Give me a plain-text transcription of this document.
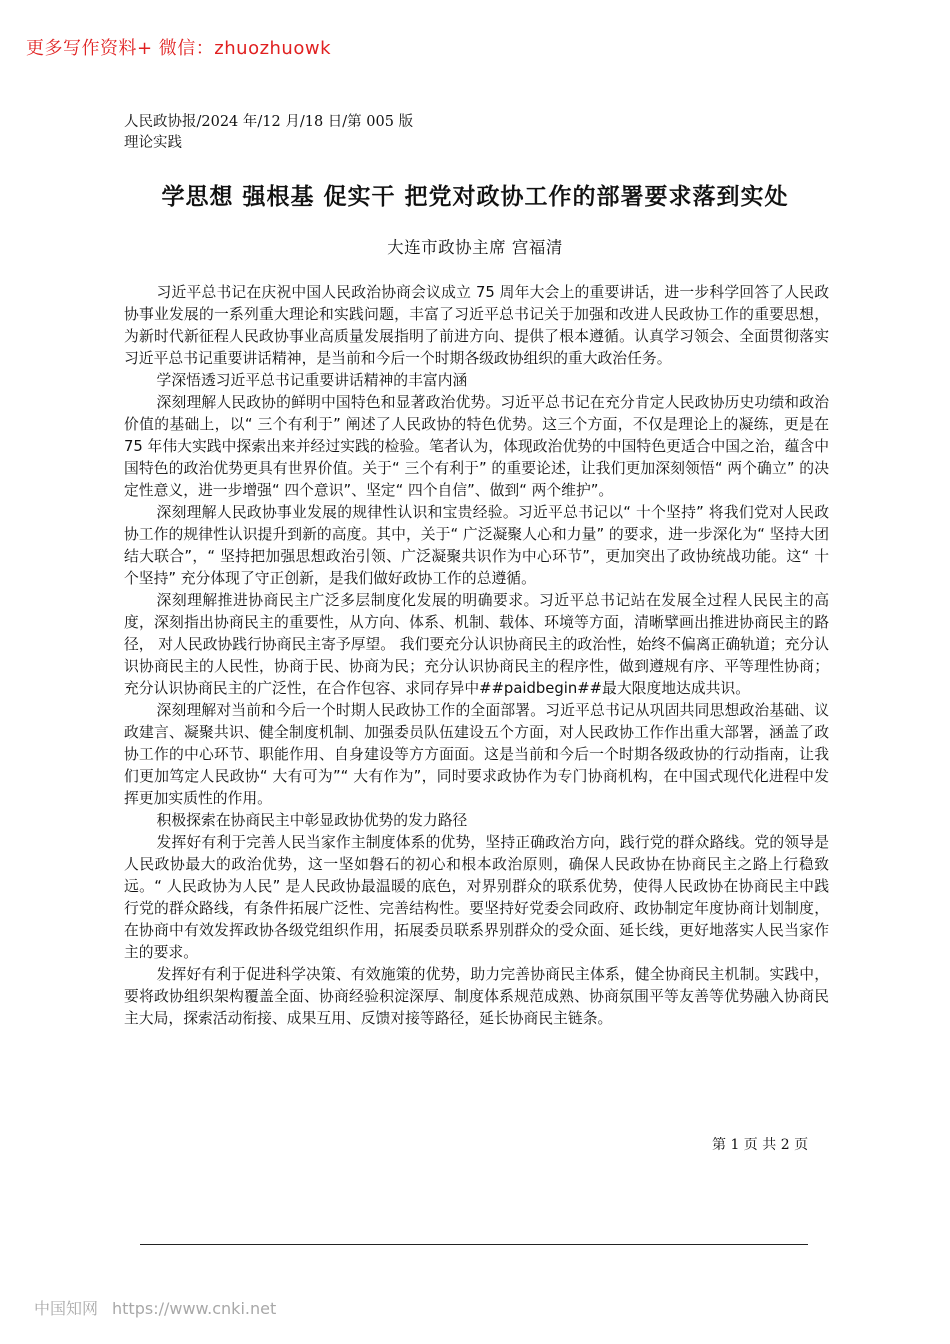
更多写作资料+ 微信：zhuozhuowk
人民政协报/2024 年/12 月/18 日/第 005 版理论实践
学思想 强根基 促实干 把党对政协工作的部署要求落到实处
大连市政协主席 宫福清

习近平总书记在庆祝中国人民政治协商会议成立 75 周年大会上的重要讲话，进一步科学回答了人民政协事业发展的一系列重大理论和实践问题，丰富了习近平总书记关于加强和改进人民政协工作的重要思想，为新时代新征程人民政协事业高质量发展指明了前进方向、提供了根本遵循。认真学习领会、全面贯彻落实习近平总书记重要讲话精神，是当前和今后一个时期各级政协组织的重大政治任务。

学深悟透习近平总书记重要讲话精神的丰富内涵

深刻理解人民政协的鲜明中国特色和显著政治优势。习近平总书记在充分肯定人民政协历史功绩和政治价值的基础上，以“ 三个有利于” 阐述了人民政协的特色优势。这三个方面，不仅是理论上的凝练，更是在 75 年伟大实践中探索出来并经过实践的检验。笔者认为，体现政治优势的中国特色更适合中国之治，蕴含中国特色的政治优势更具有世界价值。关于“ 三个有利于” 的重要论述，让我们更加深刻领悟“ 两个确立” 的决定性意义，进一步增强“ 四个意识”、坚定“ 四个自信”、做到“ 两个维护”。

深刻理解人民政协事业发展的规律性认识和宝贵经验。习近平总书记以“ 十个坚持” 将我们党对人民政协工作的规律性认识提升到新的高度。其中，关于“ 广泛凝聚人心和力量” 的要求，进一步深化为“ 坚持大团结大联合”，“ 坚持把加强思想政治引领、广泛凝聚共识作为中心环节”，更加突出了政协统战功能。这“ 十个坚持” 充分体现了守正创新，是我们做好政协工作的总遵循。

深刻理解推进协商民主广泛多层制度化发展的明确要求。习近平总书记站在发展全过程人民民主的高度，深刻指出协商民主的重要性，从方向、体系、机制、载体、环境等方面，清晰擘画出推进协商民主的路径， 对人民政协践行协商民主寄予厚望。 我们要充分认识协商民主的政治性，始终不偏离正确轨道；充分认识协商民主的人民性，协商于民、协商为民；充分认识协商民主的程序性，做到遵规有序、平等理性协商；充分认识协商民主的广泛性，在合作包容、求同存异中##paidbegin##最大限度地达成共识。

深刻理解对当前和今后一个时期人民政协工作的全面部署。习近平总书记从巩固共同思想政治基础、议政建言、凝聚共识、健全制度机制、加强委员队伍建设五个方面，对人民政协工作作出重大部署，涵盖了政协工作的中心环节、职能作用、自身建设等方方面面。这是当前和今后一个时期各级政协的行动指南，让我们更加笃定人民政协“ 大有可为”“ 大有作为”，同时要求政协作为专门协商机构，在中国式现代化进程中发挥更加实质性的作用。

积极探索在协商民主中彰显政协优势的发力路径

发挥好有利于完善人民当家作主制度体系的优势，坚持正确政治方向，践行党的群众路线。党的领导是人民政协最大的政治优势，这一坚如磐石的初心和根本政治原则，确保人民政协在协商民主之路上行稳致远。“ 人民政协为人民” 是人民政协最温暖的底色，对界别群众的联系优势，使得人民政协在协商民主中践行党的群众路线，有条件拓展广泛性、完善结构性。要坚持好党委会同政府、政协制定年度协商计划制度，在协商中有效发挥政协各级党组织作用，拓展委员联系界别群众的受众面、延长线，更好地落实人民当家作主的要求。

发挥好有利于促进科学决策、有效施策的优势，助力完善协商民主体系，健全协商民主机制。实践中，要将政协组织架构覆盖全面、协商经验积淀深厚、制度体系规范成熟、协商氛围平等友善等优势融入协商民主大局，探索活动衔接、成果互用、反馈对接等路径，延长协商民主链条。

第 1 页 共 2 页
中国知网 https://www.cnki.net
